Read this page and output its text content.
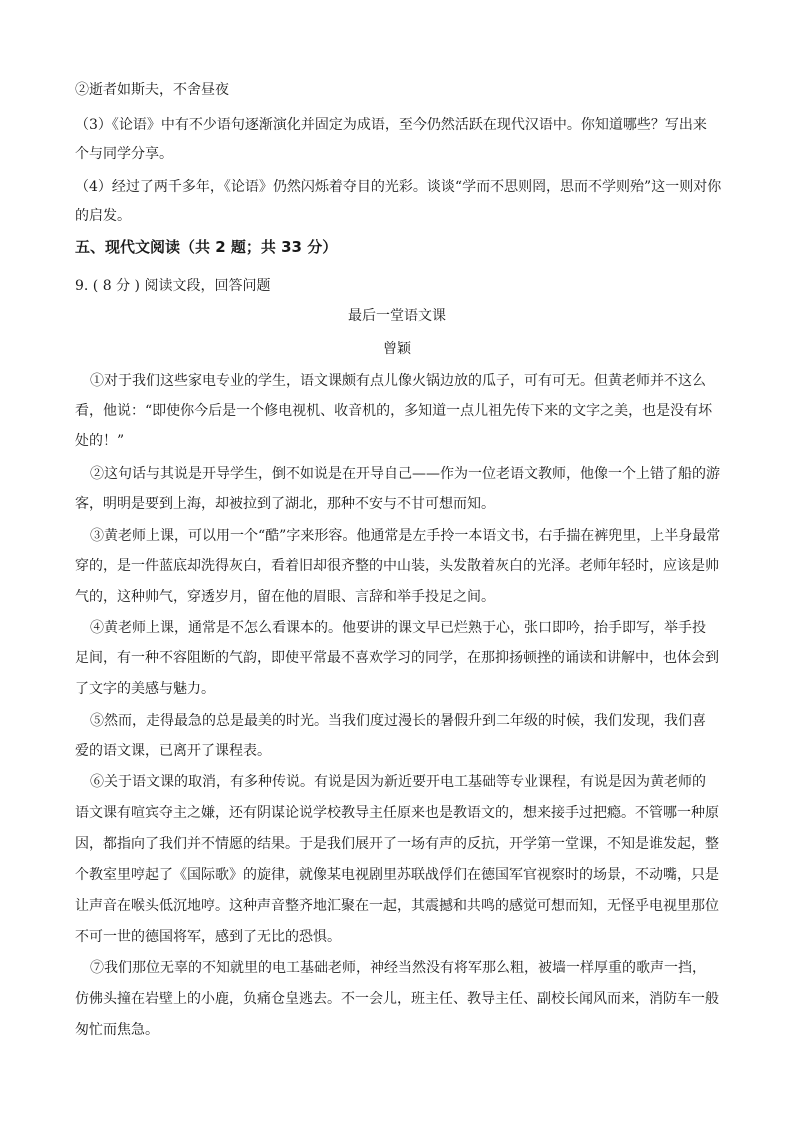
②逝者如斯夫，不舍昼夜
（3）《论语》中有不少语句逐渐演化并固定为成语，至今仍然活跃在现代汉语中。你知道哪些？写出来
个与同学分享。
（4）经过了两千多年，《论语》仍然闪烁着夺目的光彩。谈谈“学而不思则罔，思而不学则殆”这一则对你
的启发。
五、现代文阅读（共 2 题；共 33 分）
9. ( 8 分 ) 阅读文段，回答问题
最后一堂语文课
曾颖
①对于我们这些家电专业的学生，语文课颇有点儿像火锅边放的瓜子，可有可无。但黄老师并不这么
看，他说：“即使你今后是一个修电视机、收音机的，多知道一点儿祖先传下来的文字之美，也是没有坏
处的！”
②这句话与其说是开导学生，倒不如说是在开导自己——作为一位老语文教师，他像一个上错了船的游
客，明明是要到上海，却被拉到了湖北，那种不安与不甘可想而知。
③黄老师上课，可以用一个“酷”字来形容。他通常是左手拎一本语文书，右手揣在裤兜里，上半身最常
穿的，是一件蓝底却洗得灰白，看着旧却很齐整的中山装，头发散着灰白的光泽。老师年轻时，应该是帅
气的，这种帅气，穿透岁月，留在他的眉眼、言辞和举手投足之间。
④黄老师上课，通常是不怎么看课本的。他要讲的课文早已烂熟于心，张口即吟，抬手即写，举手投
足间，有一种不容阻断的气韵，即使平常最不喜欢学习的同学，在那抑扬顿挫的诵读和讲解中，也体会到
了文字的美感与魅力。
⑤然而，走得最急的总是最美的时光。当我们度过漫长的暑假升到二年级的时候，我们发现，我们喜
爱的语文课，已离开了课程表。
⑥关于语文课的取消，有多种传说。有说是因为新近要开电工基础等专业课程，有说是因为黄老师的
语文课有喧宾夺主之嫌，还有阴谋论说学校教导主任原来也是教语文的，想来接手过把瘾。不管哪一种原
因，都指向了我们并不情愿的结果。于是我们展开了一场有声的反抗，开学第一堂课，不知是谁发起，整
个教室里哼起了《国际歌》的旋律，就像某电视剧里苏联战俘们在德国军官视察时的场景，不动嘴，只是
让声音在喉头低沉地哼。这种声音整齐地汇聚在一起，其震撼和共鸣的感觉可想而知，无怪乎电视里那位
不可一世的德国将军，感到了无比的恐惧。
⑦我们那位无辜的不知就里的电工基础老师，神经当然没有将军那么粗，被墙一样厚重的歌声一挡，
仿佛头撞在岩壁上的小鹿，负痛仓皇逃去。不一会儿，班主任、教导主任、副校长闻风而来，消防车一般
匆忙而焦急。
